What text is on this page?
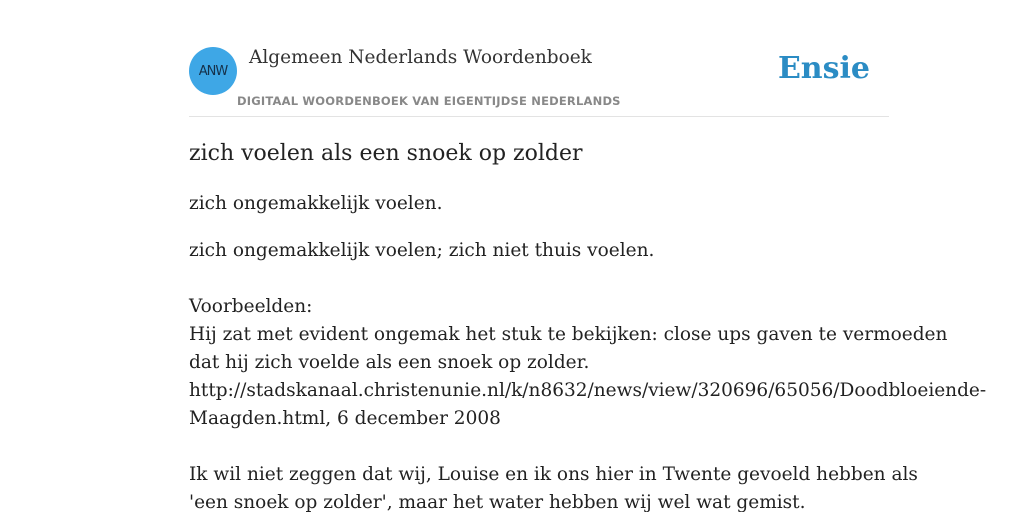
ANW
Algemeen Nederlands Woordenboek
DIGITAAL WOORDENBOEK VAN EIGENTIJDSE NEDERLANDS
Ensie
zich voelen als een snoek op zolder

zich ongemakkelijk voelen.

zich ongemakkelijk voelen; zich niet thuis voelen.

Voorbeelden:
Hij zat met evident ongemak het stuk te bekijken: close ups gaven te vermoeden
dat hij zich voelde als een snoek op zolder.
http://stadskanaal.christenunie.nl/k/n8632/news/view/320696/65056/Doodbloeiende-
Maagden.html, 6 december 2008
Ik wil niet zeggen dat wij, Louise en ik ons hier in Twente gevoeld hebben als
'een snoek op zolder', maar het water hebben wij wel wat gemist.
